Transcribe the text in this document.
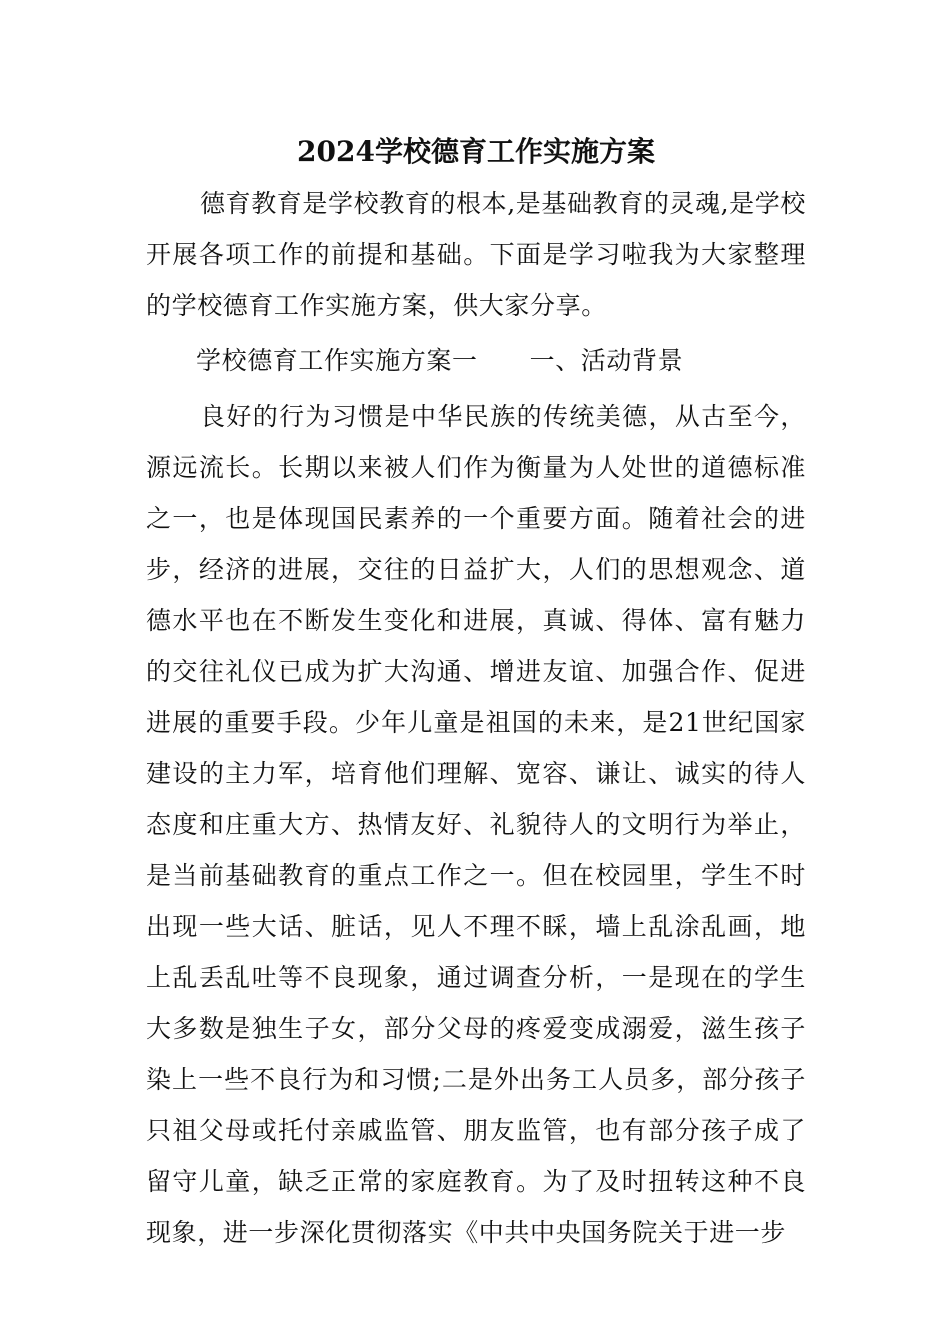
2024学校德育工作实施方案

德育教育是学校教育的根本,是基础教育的灵魂,是学校开展各项工作的前提和基础。下面是学习啦我为大家整理的学校德育工作实施方案，供大家分享。

学校德育工作实施方案一 一、活动背景

良好的行为习惯是中华民族的传统美德，从古至今，源远流长。长期以来被人们作为衡量为人处世的道德标准之一，也是体现国民素养的一个重要方面。随着社会的进步，经济的进展，交往的日益扩大，人们的思想观念、道德水平也在不断发生变化和进展，真诚、得体、富有魅力的交往礼仪已成为扩大沟通、增进友谊、加强合作、促进进展的重要手段。少年儿童是祖国的未来，是21世纪国家建设的主力军，培育他们理解、宽容、谦让、诚实的待人态度和庄重大方、热情友好、礼貌待人的文明行为举止，是当前基础教育的重点工作之一。但在校园里，学生不时出现一些大话、脏话，见人不理不睬，墙上乱涂乱画，地上乱丢乱吐等不良现象，通过调查分析，一是现在的学生大多数是独生子女，部分父母的疼爱变成溺爱，滋生孩子染上一些不良行为和习惯;二是外出务工人员多，部分孩子只祖父母或托付亲戚监管、朋友监管，也有部分孩子成了留守儿童，缺乏正常的家庭教育。为了及时扭转这种不良现象，进一步深化贯彻落实《中共中央国务院关于进一步
